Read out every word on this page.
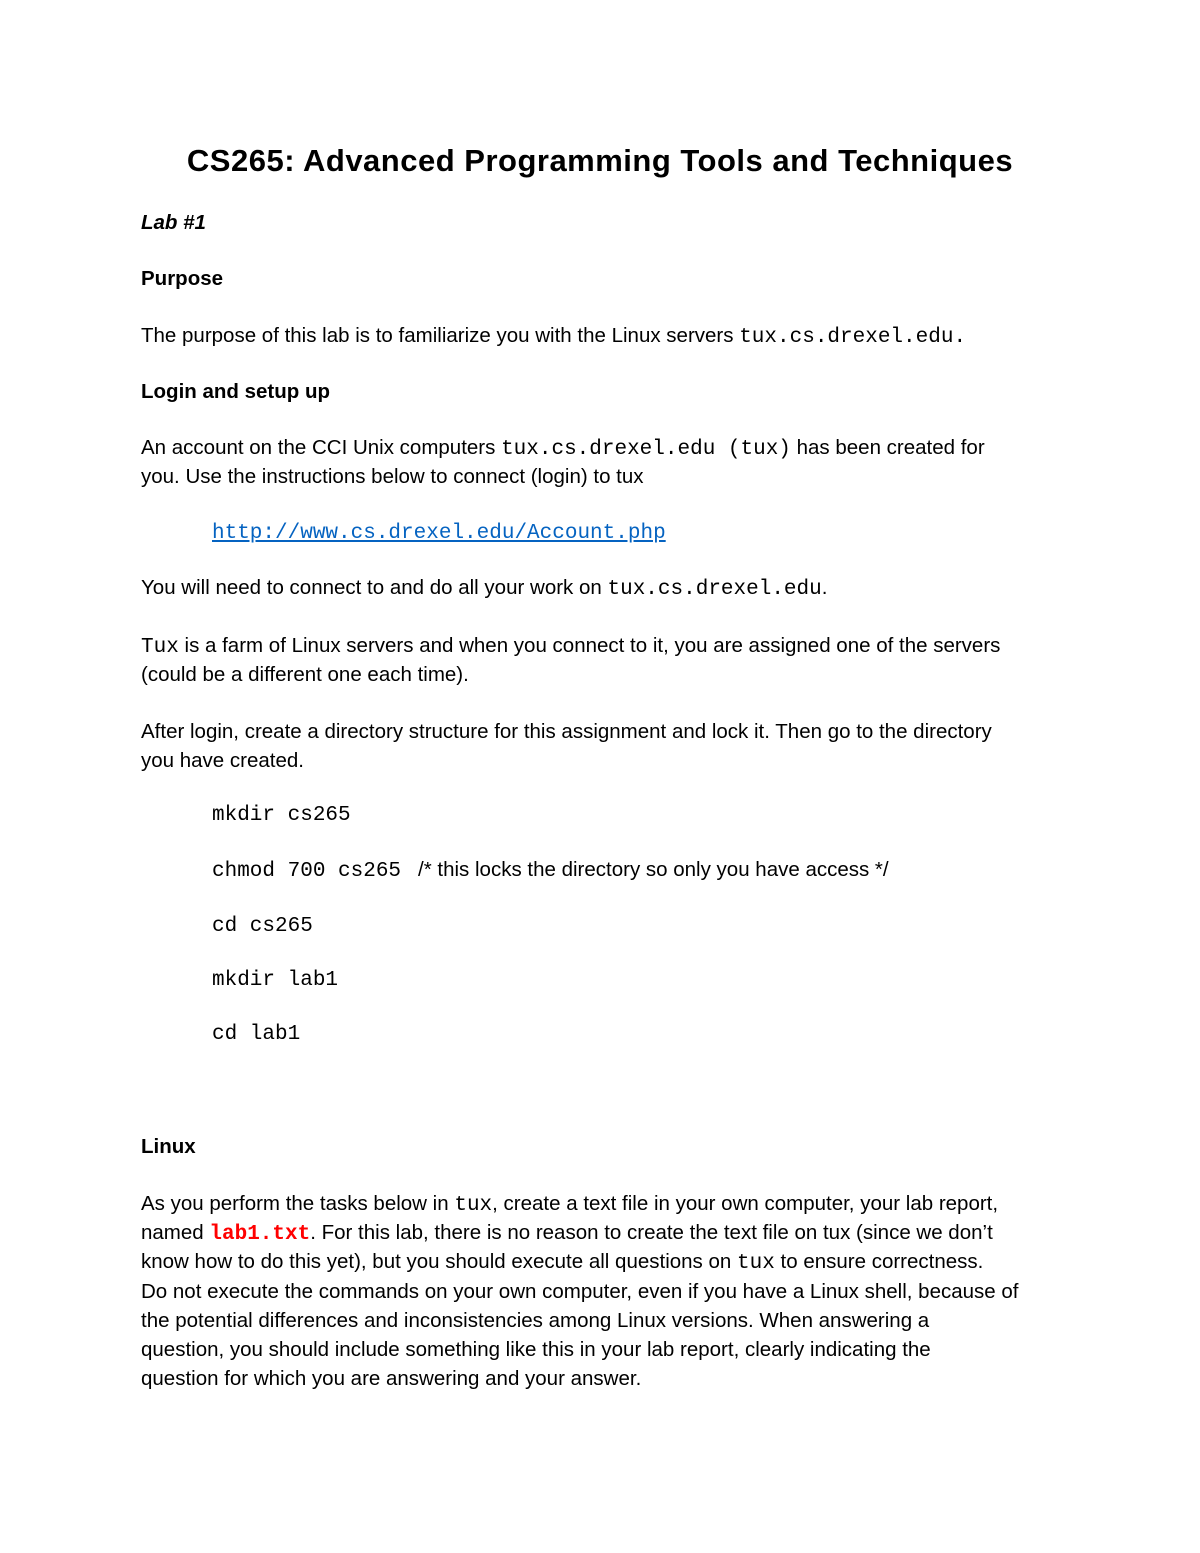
CS265: Advanced Programming Tools and Techniques
Lab #1
Purpose
The purpose of this lab is to familiarize you with the Linux servers tux.cs.drexel.edu.
Login and setup up
An account on the CCI Unix computers tux.cs.drexel.edu (tux) has been created for
you. Use the instructions below to connect (login) to tux
http://www.cs.drexel.edu/Account.php
You will need to connect to and do all your work on tux.cs.drexel.edu.
Tux is a farm of Linux servers and when you connect to it, you are assigned one of the servers
(could be a different one each time).
After login, create a directory structure for this assignment and lock it. Then go to the directory
you have created.
mkdir cs265
chmod 700 cs265 /* this locks the directory so only you have access */
cd cs265
mkdir lab1
cd lab1
Linux
As you perform the tasks below in tux, create a text file in your own computer, your lab report,
named lab1.txt. For this lab, there is no reason to create the text file on tux (since we don’t
know how to do this yet), but you should execute all questions on tux to ensure correctness.
Do not execute the commands on your own computer, even if you have a Linux shell, because of
the potential differences and inconsistencies among Linux versions. When answering a
question, you should include something like this in your lab report, clearly indicating the
question for which you are answering and your answer.
